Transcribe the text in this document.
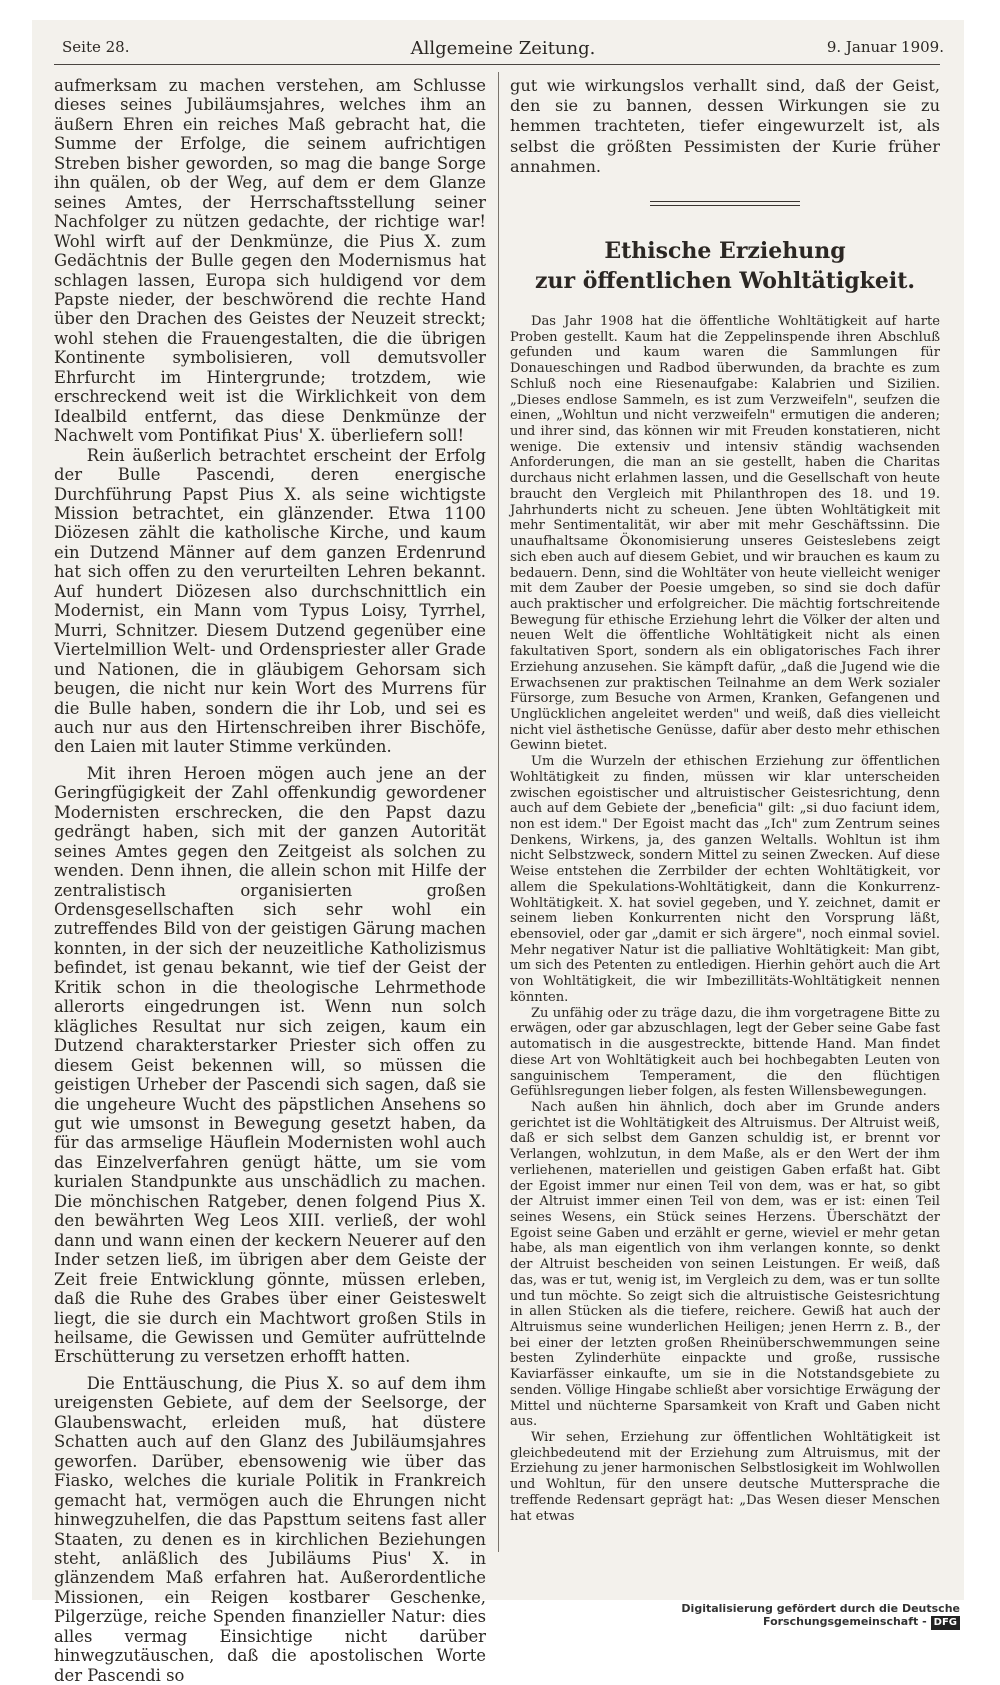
Seite 28.	Allgemeine Zeitung.	9. Januar 1909.

aufmerksam zu machen verstehen, am Schlusse dieses seines Jubiläumsjahres, welches ihm an äußern Ehren ein reiches Maß gebracht hat, die Summe der Erfolge, die seinem aufrichtigen Streben bisher geworden, so mag die bange Sorge ihn quälen, ob der Weg, auf dem er dem Glanze seines Amtes, der Herrschaftsstellung seiner Nachfolger zu nützen gedachte, der richtige war! Wohl wirft auf der Denkmünze, die Pius X. zum Gedächtnis der Bulle gegen den Modernismus hat schlagen lassen, Europa sich huldigend vor dem Papste nieder, der beschwörend die rechte Hand über den Drachen des Geistes der Neuzeit streckt; wohl stehen die Frauengestalten, die die übrigen Kontinente symbolisieren, voll demutsvoller Ehrfurcht im Hintergrunde; trotzdem, wie erschreckend weit ist die Wirklichkeit von dem Idealbild entfernt, das diese Denkmünze der Nachwelt vom Pontifikat Pius' X. überliefern soll!

Rein äußerlich betrachtet erscheint der Erfolg der Bulle Pascendi, deren energische Durchführung Papst Pius X. als seine wichtigste Mission betrachtet, ein glänzender. Etwa 1100 Diözesen zählt die katholische Kirche, und kaum ein Dutzend Männer auf dem ganzen Erdenrund hat sich offen zu den verurteilten Lehren bekannt. Auf hundert Diözesen also durchschnittlich ein Modernist, ein Mann vom Typus Loisy, Tyrrhel, Murri, Schnitzer. Diesem Dutzend gegenüber eine Viertelmillion Welt- und Ordenspriester aller Grade und Nationen, die in gläubigem Gehorsam sich beugen, die nicht nur kein Wort des Murrens für die Bulle haben, sondern die ihr Lob, und sei es auch nur aus den Hirtenschreiben ihrer Bischöfe, den Laien mit lauter Stimme verkünden.

Mit ihren Heroen mögen auch jene an der Geringfügigkeit der Zahl offenkundig gewordener Modernisten erschrecken, die den Papst dazu gedrängt haben, sich mit der ganzen Autorität seines Amtes gegen den Zeitgeist als solchen zu wenden. Denn ihnen, die allein schon mit Hilfe der zentralistisch organisierten großen Ordensgesellschaften sich sehr wohl ein zutreffendes Bild von der geistigen Gärung machen konnten, in der sich der neuzeitliche Katholizismus befindet, ist genau bekannt, wie tief der Geist der Kritik schon in die theologische Lehrmethode allerorts eingedrungen ist. Wenn nun solch klägliches Resultat nur sich zeigen, kaum ein Dutzend charakterstarker Priester sich offen zu diesem Geist bekennen will, so müssen die geistigen Urheber der Pascendi sich sagen, daß sie die ungeheure Wucht des päpstlichen Ansehens so gut wie umsonst in Bewegung gesetzt haben, da für das armselige Häuflein Modernisten wohl auch das Einzelverfahren genügt hätte, um sie vom kurialen Standpunkte aus unschädlich zu machen. Die mönchischen Ratgeber, denen folgend Pius X. den bewährten Weg Leos XIII. verließ, der wohl dann und wann einen der keckern Neuerer auf den Inder setzen ließ, im übrigen aber dem Geiste der Zeit freie Entwicklung gönnte, müssen erleben, daß die Ruhe des Grabes über einer Geisteswelt liegt, die sie durch ein Machtwort großen Stils in heilsame, die Gewissen und Gemüter aufrüttelnde Erschütterung zu versetzen erhofft hatten.

Die Enttäuschung, die Pius X. so auf dem ihm ureigensten Gebiete, auf dem der Seelsorge, der Glaubenswacht, erleiden muß, hat düstere Schatten auch auf den Glanz des Jubiläumsjahres geworfen. Darüber, ebensowenig wie über das Fiasko, welches die kuriale Politik in Frankreich gemacht hat, vermögen auch die Ehrungen nicht hinwegzuhelfen, die das Papsttum seitens fast aller Staaten, zu denen es in kirchlichen Beziehungen steht, anläßlich des Jubiläums Pius' X. in glänzendem Maß erfahren hat. Außerordentliche Missionen, ein Reigen kostbarer Geschenke, Pilgerzüge, reiche Spenden finanzieller Natur: dies alles vermag Einsichtige nicht darüber hinwegzutäuschen, daß die apostolischen Worte der Pascendi so

gut wie wirkungslos verhallt sind, daß der Geist, den sie zu bannen, dessen Wirkungen sie zu hemmen trachteten, tiefer eingewurzelt ist, als selbst die größten Pessimisten der Kurie früher annahmen.

Ethische Erziehung
zur öffentlichen Wohltätigkeit.

Das Jahr 1908 hat die öffentliche Wohltätigkeit auf harte Proben gestellt. Kaum hat die Zeppelinspende ihren Abschluß gefunden und kaum waren die Sammlungen für Donaueschingen und Radbod überwunden, da brachte es zum Schluß noch eine Riesenaufgabe: Kalabrien und Sizilien. „Dieses endlose Sammeln, es ist zum Verzweifeln", seufzen die einen, „Wohltun und nicht verzweifeln" ermutigen die anderen; und ihrer sind, das können wir mit Freuden konstatieren, nicht wenige. Die extensiv und intensiv ständig wachsenden Anforderungen, die man an sie gestellt, haben die Charitas durchaus nicht erlahmen lassen, und die Gesellschaft von heute braucht den Vergleich mit Philanthropen des 18. und 19. Jahrhunderts nicht zu scheuen. Jene übten Wohltätigkeit mit mehr Sentimentalität, wir aber mit mehr Geschäftssinn. Die unaufhaltsame Ökonomisierung unseres Geisteslebens zeigt sich eben auch auf diesem Gebiet, und wir brauchen es kaum zu bedauern. Denn, sind die Wohltäter von heute vielleicht weniger mit dem Zauber der Poesie umgeben, so sind sie doch dafür auch praktischer und erfolgreicher. Die mächtig fortschreitende Bewegung für ethische Erziehung lehrt die Völker der alten und neuen Welt die öffentliche Wohltätigkeit nicht als einen fakultativen Sport, sondern als ein obligatorisches Fach ihrer Erziehung anzusehen. Sie kämpft dafür, „daß die Jugend wie die Erwachsenen zur praktischen Teilnahme an dem Werk sozialer Fürsorge, zum Besuche von Armen, Kranken, Gefangenen und Unglücklichen angeleitet werden" und weiß, daß dies vielleicht nicht viel ästhetische Genüsse, dafür aber desto mehr ethischen Gewinn bietet.

Um die Wurzeln der ethischen Erziehung zur öffentlichen Wohltätigkeit zu finden, müssen wir klar unterscheiden zwischen egoistischer und altruistischer Geistesrichtung, denn auch auf dem Gebiete der „beneficia" gilt: „si duo faciunt idem, non est idem." Der Egoist macht das „Ich" zum Zentrum seines Denkens, Wirkens, ja, des ganzen Weltalls. Wohltun ist ihm nicht Selbstzweck, sondern Mittel zu seinen Zwecken. Auf diese Weise entstehen die Zerrbilder der echten Wohltätigkeit, vor allem die Spekulations-Wohltätigkeit, dann die Konkurrenz-Wohltätigkeit. X. hat soviel gegeben, und Y. zeichnet, damit er seinem lieben Konkurrenten nicht den Vorsprung läßt, ebensoviel, oder gar „damit er sich ärgere", noch einmal soviel. Mehr negativer Natur ist die palliative Wohltätigkeit: Man gibt, um sich des Petenten zu entledigen. Hierhin gehört auch die Art von Wohltätigkeit, die wir Imbezillitäts-Wohltätigkeit nennen könnten.

Zu unfähig oder zu träge dazu, die ihm vorgetragene Bitte zu erwägen, oder gar abzuschlagen, legt der Geber seine Gabe fast automatisch in die ausgestreckte, bittende Hand. Man findet diese Art von Wohltätigkeit auch bei hochbegabten Leuten von sanguinischem Temperament, die den flüchtigen Gefühlsregungen lieber folgen, als festen Willensbewegungen.

Nach außen hin ähnlich, doch aber im Grunde anders gerichtet ist die Wohltätigkeit des Altruismus. Der Altruist weiß, daß er sich selbst dem Ganzen schuldig ist, er brennt vor Verlangen, wohlzutun, in dem Maße, als er den Wert der ihm verliehenen, materiellen und geistigen Gaben erfaßt hat. Gibt der Egoist immer nur einen Teil von dem, was er hat, so gibt der Altruist immer einen Teil von dem, was er ist: einen Teil seines Wesens, ein Stück seines Herzens. Überschätzt der Egoist seine Gaben und erzählt er gerne, wieviel er mehr getan habe, als man eigentlich von ihm verlangen konnte, so denkt der Altruist bescheiden von seinen Leistungen. Er weiß, daß das, was er tut, wenig ist, im Vergleich zu dem, was er tun sollte und tun möchte. So zeigt sich die altruistische Geistesrichtung in allen Stücken als die tiefere, reichere. Gewiß hat auch der Altruismus seine wunderlichen Heiligen; jenen Herrn z. B., der bei einer der letzten großen Rheinüberschwemmungen seine besten Zylinderhüte einpackte und große, russische Kaviarfässer einkaufte, um sie in die Notstandsgebiete zu senden. Völlige Hingabe schließt aber vorsichtige Erwägung der Mittel und nüchterne Sparsamkeit von Kraft und Gaben nicht aus.

Wir sehen, Erziehung zur öffentlichen Wohltätigkeit ist gleichbedeutend mit der Erziehung zum Altruismus, mit der Erziehung zu jener harmonischen Selbstlosigkeit im Wohlwollen und Wohltun, für den unsere deutsche Muttersprache die treffende Redensart geprägt hat: „Das Wesen dieser Menschen hat etwas

Digitalisierung gefördert durch die Deutsche Forschungsgemeinschaft - DFG
